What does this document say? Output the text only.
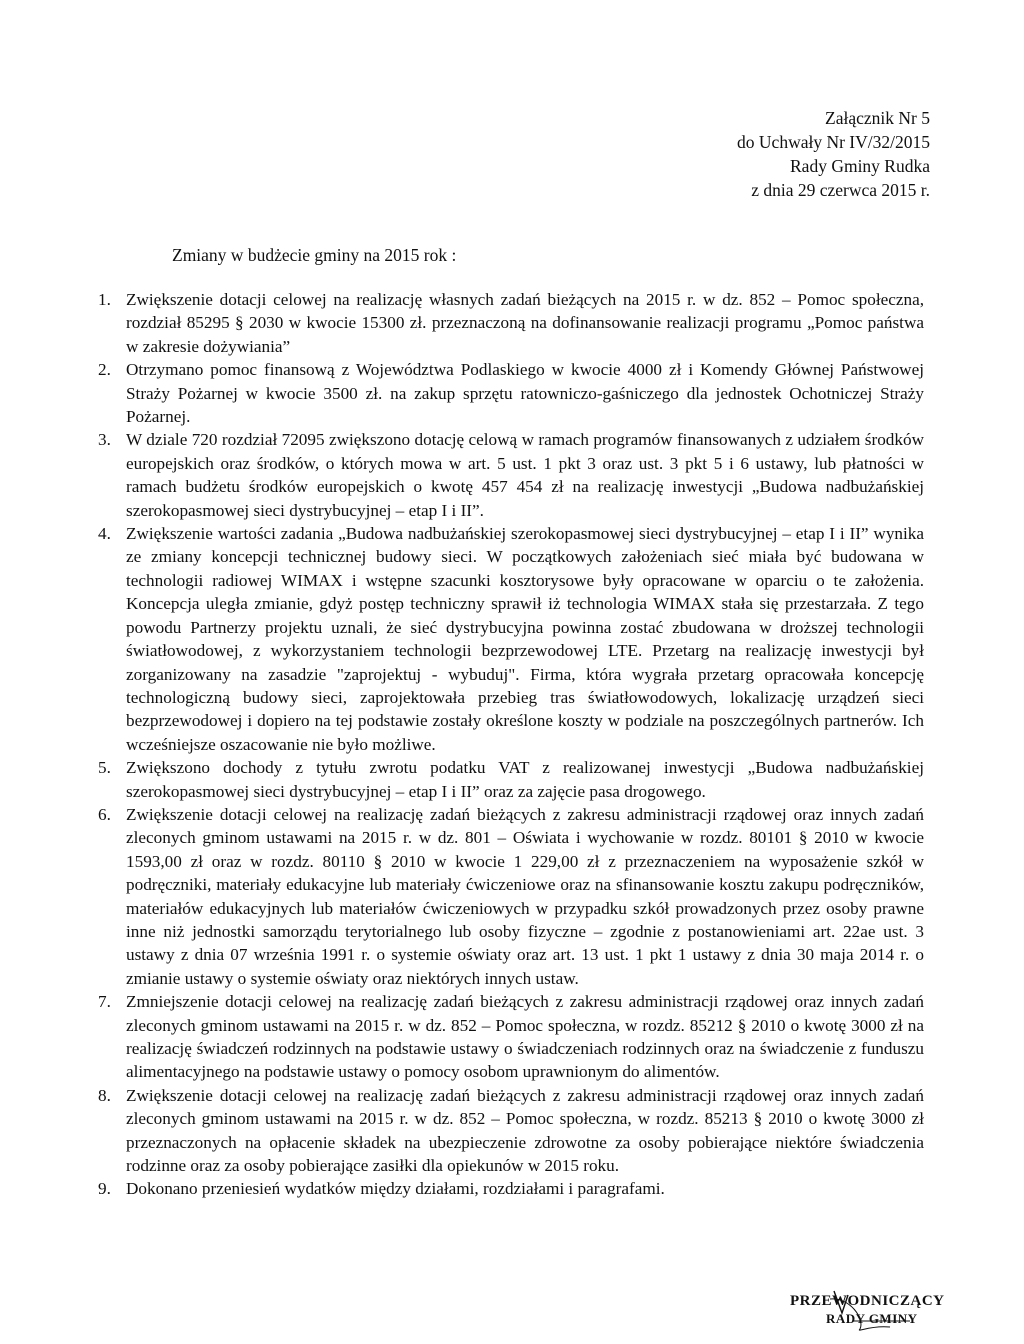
Załącznik Nr 5
do Uchwały Nr IV/32/2015
Rady Gminy Rudka
z dnia 29 czerwca 2015 r.
Zmiany w budżecie gminy na 2015 rok :
1. Zwiększenie dotacji celowej na realizację własnych zadań bieżących na 2015 r. w dz. 852 – Pomoc społeczna, rozdział 85295 § 2030 w kwocie 15300 zł. przeznaczoną na dofinansowanie realizacji programu „Pomoc państwa w zakresie dożywiania”
2. Otrzymano pomoc finansową z Województwa Podlaskiego w kwocie 4000 zł i Komendy Głównej Państwowej Straży Pożarnej w kwocie 3500 zł. na zakup sprzętu ratowniczo-gaśniczego dla jednostek Ochotniczej Straży Pożarnej.
3. W dziale 720 rozdział 72095 zwiększono dotację celową w ramach programów finansowanych z udziałem środków europejskich oraz środków, o których mowa w art. 5 ust. 1 pkt 3 oraz ust. 3 pkt 5 i 6 ustawy, lub płatności w ramach budżetu środków europejskich o kwotę 457 454 zł na realizację inwestycji „Budowa nadbużańskiej szerokopasmowej sieci dystrybucyjnej – etap I i II”.
4. Zwiększenie wartości zadania „Budowa nadbużańskiej szerokopasmowej sieci dystrybucyjnej – etap I i II” wynika ze zmiany koncepcji technicznej budowy sieci. W początkowych założeniach sieć miała być budowana w technologii radiowej WIMAX i wstępne szacunki kosztorysowe były opracowane w oparciu o te założenia. Koncepcja uległa zmianie, gdyż postęp techniczny sprawił iż technologia WIMAX stała się przestarzała. Z tego powodu Partnerzy projektu uznali, że sieć dystrybucyjna powinna zostać zbudowana w droższej technologii światłowodowej, z wykorzystaniem technologii bezprzewodowej LTE. Przetarg na realizację inwestycji był zorganizowany na zasadzie "zaprojektuj - wybuduj". Firma, która wygrała przetarg opracowała koncepcję technologiczną budowy sieci, zaprojektowała przebieg tras światłowodowych, lokalizację urządzeń sieci bezprzewodowej i dopiero na tej podstawie zostały określone koszty w podziale na poszczególnych partnerów. Ich wcześniejsze oszacowanie nie było możliwe.
5. Zwiększono dochody z tytułu zwrotu podatku VAT z realizowanej inwestycji „Budowa nadbużańskiej szerokopasmowej sieci dystrybucyjnej – etap I i II” oraz za zajęcie pasa drogowego.
6. Zwiększenie dotacji celowej na realizację zadań bieżących z zakresu administracji rządowej oraz innych zadań zleconych gminom ustawami na 2015 r. w dz. 801 – Oświata i wychowanie w rozdz. 80101 § 2010 w kwocie 1593,00 zł oraz w rozdz. 80110 § 2010 w kwocie 1 229,00 zł z przeznaczeniem na wyposażenie szkół w podręczniki, materiały edukacyjne lub materiały ćwiczeniowe oraz na sfinansowanie kosztu zakupu podręczników, materiałów edukacyjnych lub materiałów ćwiczeniowych w przypadku szkół prowadzonych przez osoby prawne inne niż jednostki samorządu terytorialnego lub osoby fizyczne – zgodnie z postanowieniami art. 22ae ust. 3 ustawy z dnia 07 września 1991 r. o systemie oświaty oraz art. 13 ust. 1 pkt 1 ustawy z dnia 30 maja 2014 r. o zmianie ustawy o systemie oświaty oraz niektórych innych ustaw.
7. Zmniejszenie dotacji celowej na realizację zadań bieżących z zakresu administracji rządowej oraz innych zadań zleconych gminom ustawami na 2015 r. w dz. 852 – Pomoc społeczna, w rozdz. 85212 § 2010 o kwotę 3000 zł na realizację świadczeń rodzinnych na podstawie ustawy o świadczeniach rodzinnych oraz na świadczenie z funduszu alimentacyjnego na podstawie ustawy o pomocy osobom uprawnionym do alimentów.
8. Zwiększenie dotacji celowej na realizację zadań bieżących z zakresu administracji rządowej oraz innych zadań zleconych gminom ustawami na 2015 r. w dz. 852 – Pomoc społeczna, w rozdz. 85213 § 2010 o kwotę 3000 zł przeznaczonych na opłacenie składek na ubezpieczenie zdrowotne za osoby pobierające niektóre świadczenia rodzinne oraz za osoby pobierające zasiłki dla opiekunów w 2015 roku.
9. Dokonano przeniesień wydatków między działami, rozdziałami i paragrafami.
PRZEWODNICZĄCY
RADY GMINY
